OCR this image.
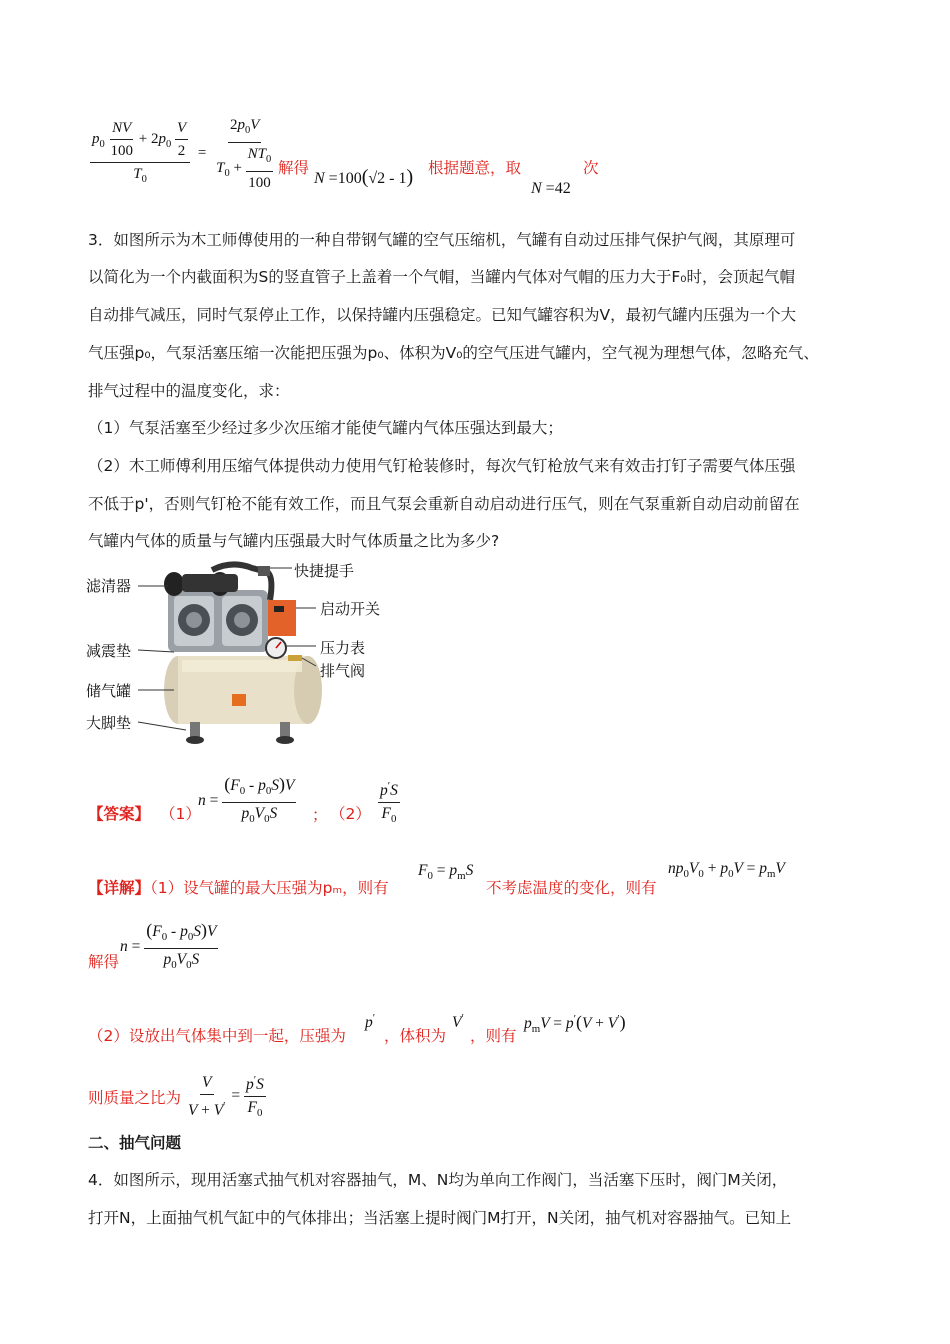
$\frac{p_0 \frac{NV}{100} + 2p_0 \frac{V}{2}}{T_0} = \frac{2p_0V}{T_0 + \frac{NT_0}{100}}$ 解得
N =100(√2 - 1) 根据题意，取	次
N =42
3．如图所示为木工师傅使用的一种自带钢气罐的空气压缩机，气罐有自动过压排气保护气阀，其原理可
以简化为一个内截面积为S的竖直管子上盖着一个气帽，当罐内气体对气帽的压力大于F₀时，会顶起气帽
自动排气减压，同时气泵停止工作，以保持罐内压强稳定。已知气罐容积为V，最初气罐内压强为一个大
气压强p₀，气泵活塞压缩一次能把压强为p₀、体积为V₀的空气压进气罐内，空气视为理想气体，忽略充气、
排气过程中的温度变化，求：
（1）气泵活塞至少经过多少次压缩才能使气罐内气体压强达到最大；
（2）木工师傅利用压缩气体提供动力使用气钉枪装修时，每次气钉枪放气来有效击打钉子需要气体压强
不低于p'，否则气钉枪不能有效工作，而且气泵会重新自动启动进行压气，则在气泵重新自动启动前留在
气罐内气体的质量与气罐内压强最大时气体质量之比为多少?
滤清器
快捷提手
启动开关
减震垫	压力表
排气阀
储气罐
大脚垫
【答案】 （1）
$n = \frac{(F_0 - p_0S)V}{p_0V_0S}$ ； $(2) \frac{p'S}{F_0}$
【详解】（1）设气罐的最大压强为pₘ，则有
$F_0 = p_mS$
不考虑温度的变化，则有
$np_0V_0 + p_0V = p_mV$
$n = \frac{(F_0 - p_0S)V}{p_0V_0S}$
解得
（2）设放出气体集中到一起，压强为
p′
，体积为
V′
，则有
$p_mV = p'(V + V')$
则质量之比为 $\frac{V}{V + V'} = \frac{p'S}{F_0}$
二、抽气问题
4．如图所示，现用活塞式抽气机对容器抽气，M、N均为单向工作阀门，当活塞下压时，阀门M关闭，
打开N，上面抽气机气缸中的气体排出；当活塞上提时阀门M打开，N关闭，抽气机对容器抽气。已知上
